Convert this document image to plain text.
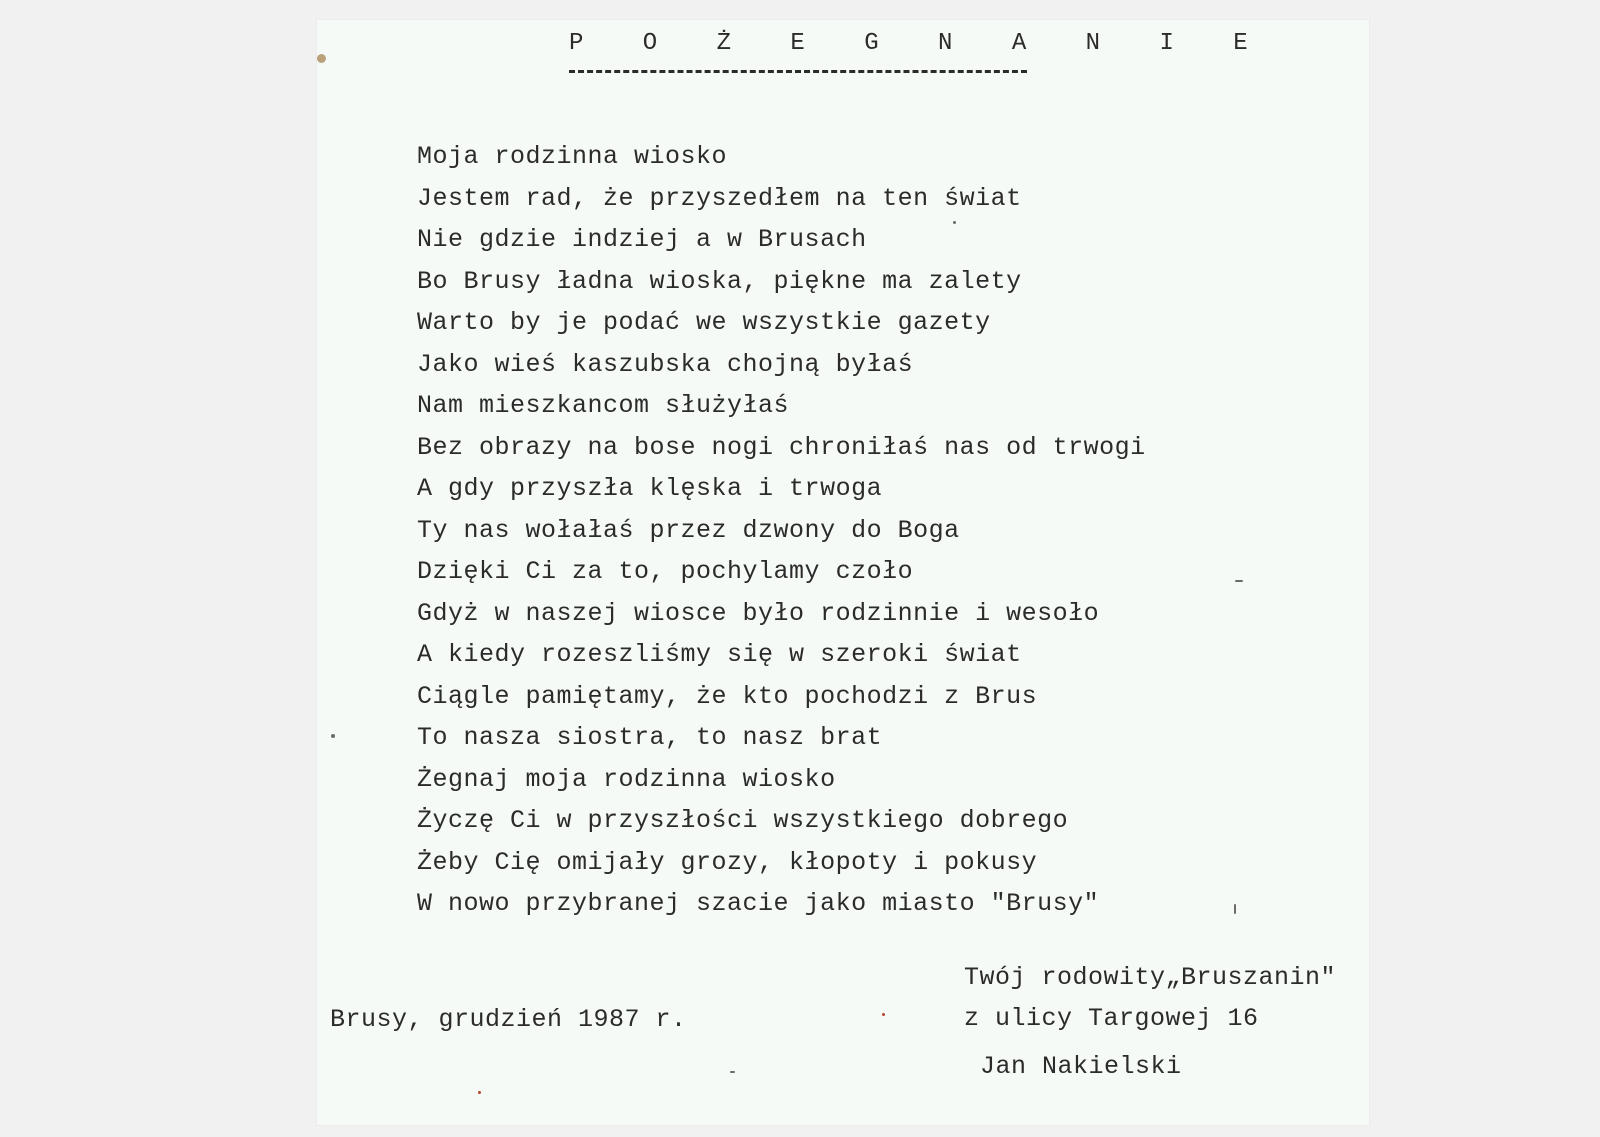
P O Ż E G N A N I E
Moja rodzinna wiosko
Jestem rad, że przyszedłem na ten świat
Nie gdzie indziej a w Brusach
Bo Brusy ładna wioska, piękne ma zalety
Warto by je podać we wszystkie gazety
Jako wieś kaszubska chojną byłaś
Nam mieszkancom służyłaś
Bez obrazy na bose nogi chroniłaś nas od trwogi
A gdy przyszła klęska i trwoga
Ty nas wołałaś przez dzwony do Boga
Dzięki Ci za to, pochylamy czoło
Gdyż w naszej wiosce było rodzinnie i wesoło
A kiedy rozeszliśmy się w szeroki świat
Ciągle pamiętamy, że kto pochodzi z Brus
To nasza siostra, to nasz brat
Żegnaj moja rodzinna wiosko
Życzę Ci w przyszłości wszystkiego dobrego
Żeby Cię omijały grozy, kłopoty i pokusy
W nowo przybranej szacie jako miasto "Brusy"
Brusy, grudzień 1987 r.
Twój rodowity„Bruszanin"
z ulicy Targowej 16
Jan Nakielski
